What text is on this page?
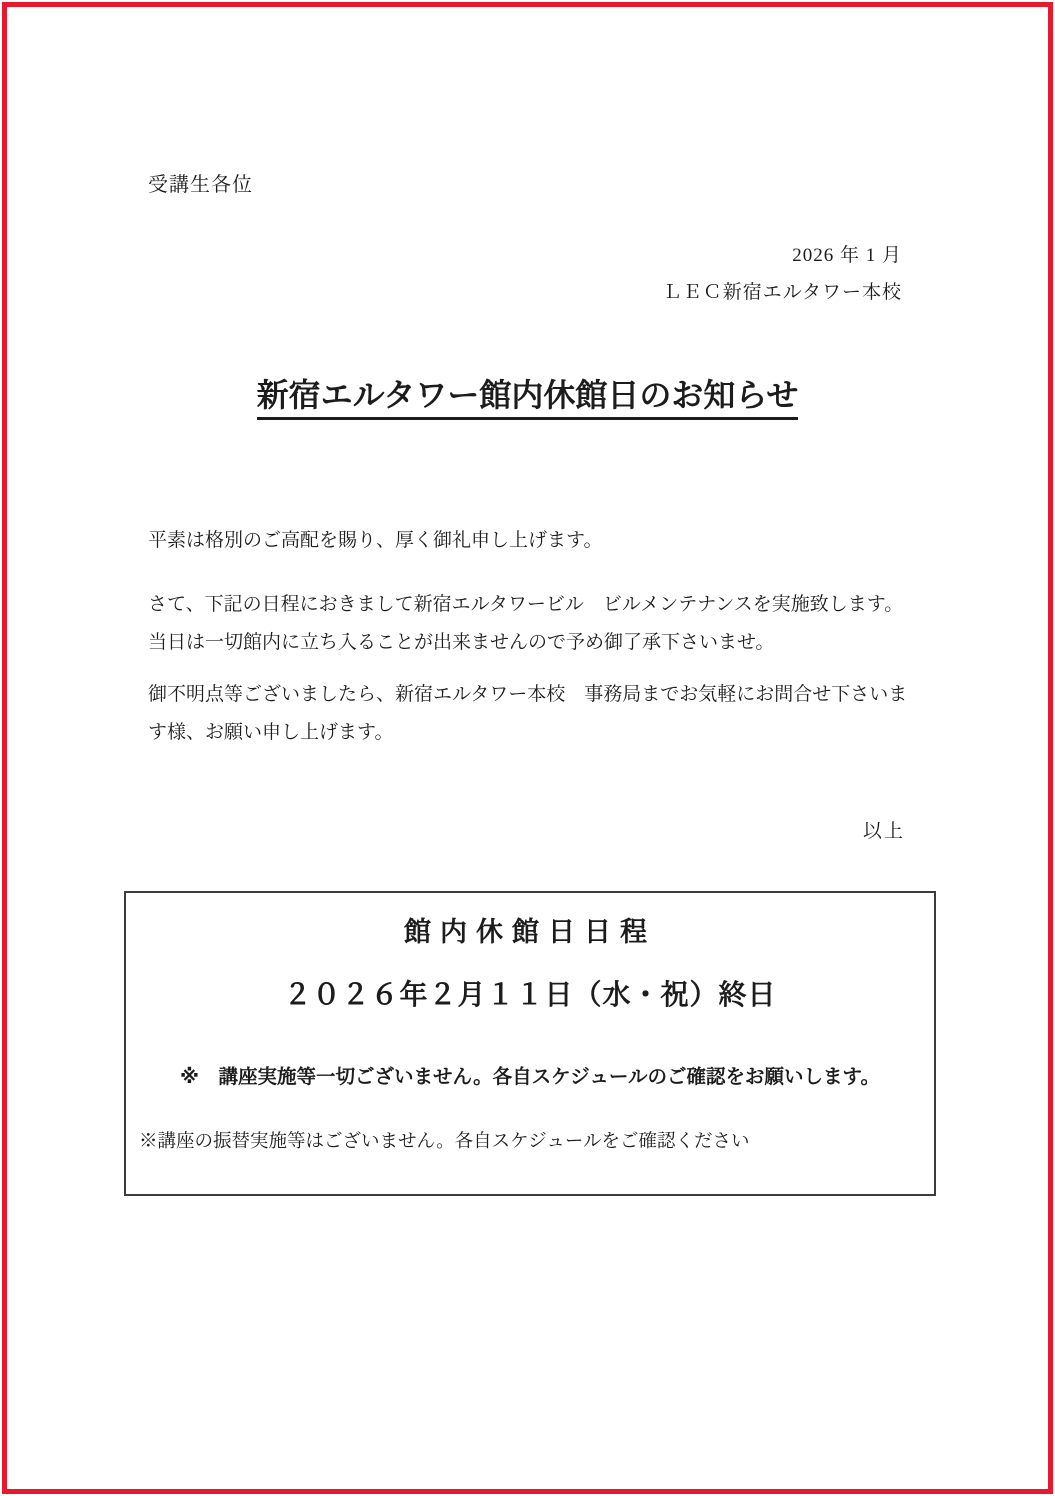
受講生各位
2026 年 1 月
ＬＥＣ新宿エルタワー本校
新宿エルタワー館内休館日のお知らせ
平素は格別のご高配を賜り、厚く御礼申し上げます。
さて、下記の日程におきまして新宿エルタワービル　ビルメンテナンスを実施致します。
当日は一切館内に立ち入ることが出来ませんので予め御了承下さいませ。
御不明点等ございましたら、新宿エルタワー本校　事務局までお気軽にお問合せ下さいま
す様、お願い申し上げます。
以上
館内休館日日程
２０２６年２月１１日（水・祝）終日
※　講座実施等一切ございません。各自スケジュールのご確認をお願いします。
※講座の振替実施等はございません。各自スケジュールをご確認ください
